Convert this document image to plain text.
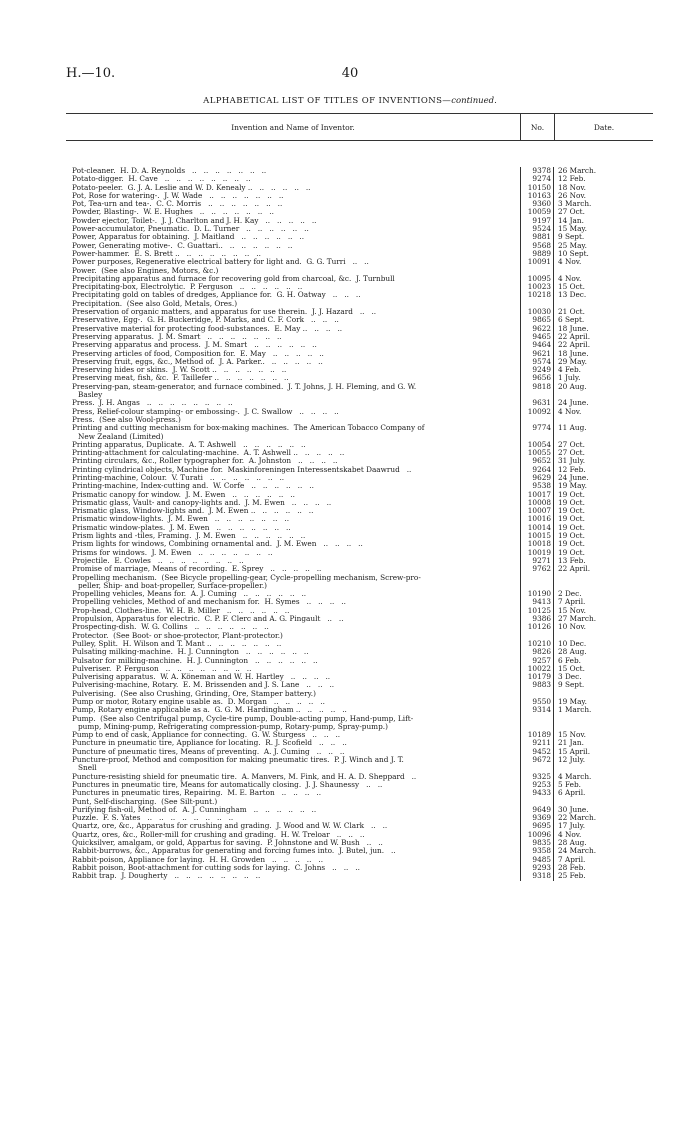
H.—10.	40
ALPHABETICAL LIST OF TITLES OF INVENTIONS—continued.
Invention and Name of Inventor.	No.	Date.
Pot-cleaner.  H. D. A. Reynolds   ..   ..   ..   ..   ..   ..   ..	9378 26 March.
Potato-digger.  H. Cave   ..   ..   ..   ..   ..   ..   ..   ..	9274 12 Feb.
Potato-peeler.  G. J. A. Leslie and W. D. Kenealy ..   ..   ..   ..   ..   ..	10150 18 Nov.
Pot, Rose for watering-.  J. W. Wade   ..   ..   ..   ..   ..   ..   ..	10163 26 Nov.
Pot, Tea-urn and tea-.  C. C. Morris   ..   ..   ..   ..   ..   ..   ..	9360 3 March.
Powder, Blasting-.  W. E. Hughes   ..   ..   ..   ..   ..   ..   ..	10059 27 Oct.
Powder ejector, Toilet-.  J. J. Charlton and J. H. Kay   ..   ..   ..   ..   ..	9197 14 Jan.
Power-accumulator, Pneumatic.  D. L. Turner   ..   ..   ..   ..   ..   ..	9524 15 May.
Power, Apparatus for obtaining.  J. Maitland   ..   ..   ..   ..   ..   ..	9881 9 Sept.
Power, Generating motive-.  C. Guattari..   ..   ..   ..   ..   ..   ..	9568 25 May.
Power-hammer.  E. S. Brett ..   ..   ..   ..   ..   ..   ..   ..	9889 10 Sept.
Power purposes, Regenerative electrical battery for light and.  G. G. Turri   ..   ..	10091 4 Nov.
Power.  (See also Engines, Motors, &c.)
Precipitating apparatus and furnace for recovering gold from charcoal, &c.  J. Turnbull	10095 4 Nov.
Precipitating-box, Electrolytic.  P. Ferguson   ..   ..   ..   ..   ..   ..	10023 15 Oct.
Precipitating gold on tables of dredges, Appliance for.  G. H. Oatway   ..   ..   ..	10218 13 Dec.
Precipitation.  (See also Gold, Metals, Ores.)
Preservation of organic matters, and apparatus for use therein.  J. J. Hazard   ..   ..	10030 21 Oct.
Preservative, Egg-.  G. H. Buckeridge, P. Marks, and C. F. Cork   ..   ..   ..	9865 6 Sept.
Preservative material for protecting food-substances.  E. May ..   ..   ..   ..	9622 18 June.
Preserving apparatus.  J. M. Smart   ..   ..   ..   ..   ..   ..   ..	9465 22 April.
Preserving apparatus and process.  J. M. Smart   ..   ..   ..   ..   ..   ..	9464 22 April.
Preserving articles of food, Composition for.  E. May   ..   ..   ..   ..   ..	9621 18 June.
Preserving fruit, eggs, &c., Method of.  J. A. Parker..   ..   ..   ..   ..   ..	9574 29 May.
Preserving hides or skins.  J. W. Scott ..   ..   ..   ..   ..   ..   ..	9249 4 Feb.
Preserving meat, fish, &c.  F. Taillefer ..   ..   ..   ..   ..   ..   ..	9656 1 July.
Preserving-pan, steam-generator, and furnace combined.  J. T. Johns, J. H. Fleming, and G. W.	9818 20 Aug.
Basley
Press.  J. H. Angas   ..   ..   ..   ..   ..   ..   ..   ..	9631 24 June.
Press, Relief-colour stamping- or embossing-.  J. C. Swallow   ..   ..   ..   ..	10092 4 Nov.
Press.  (See also Wool-press.)
Printing and cutting mechanism for box-making machines.  The American Tobacco Company of	9774 11 Aug.
New Zealand (Limited)
Printing apparatus, Duplicate.  A. T. Ashwell   ..   ..   ..   ..   ..   ..	10054 27 Oct.
Printing-attachment for calculating-machine.  A. T. Ashwell ..   ..   ..   ..   ..	10055 27 Oct.
Printing circulars, &c., Roller typographer for.  A. Johnston   ..   ..   ..   ..	9652 31 July.
Printing cylindrical objects, Machine for.  Maskinforeningen Interessentskabet Daawrud   ..	9264 12 Feb.
Printing-machine, Colour.  V. Turati   ..   ..   ..   ..   ..   ..   ..	9629 24 June.
Printing-machine, Index-cutting and.  W. Corfe   ..   ..   ..   ..   ..   ..	9538 19 May.
Prismatic canopy for window.  J. M. Ewen   ..   ..   ..   ..   ..   ..	10017 19 Oct.
Prismatic glass, Vault- and canopy-lights and.  J. M. Ewen   ..   ..   ..   ..	10008 19 Oct.
Prismatic glass, Window-lights and.  J. M. Ewen ..   ..   ..   ..   ..   ..	10007 19 Oct.
Prismatic window-lights.  J. M. Ewen   ..   ..   ..   ..   ..   ..   ..	10016 19 Oct.
Prismatic window-plates.  J. M. Ewen   ..   ..   ..   ..   ..   ..   ..	10014 19 Oct.
Prism lights and -tiles, Framing.  J. M. Ewen   ..   ..   ..   ..   ..   ..	10015 19 Oct.
Prism lights for windows, Combining ornamental and.  J. M. Ewen   ..   ..   ..   ..	10018 19 Oct.
Prisms for windows.  J. M. Ewen   ..   ..   ..   ..   ..   ..   ..	10019 19 Oct.
Projectile.  E. Cowles   ..   ..   ..   ..   ..   ..   ..   ..	9271 13 Feb.
Promise of marriage, Means of recording.  E. Sprey   ..   ..   ..   ..   ..	9762 22 April.
Propelling mechanism.  (See Bicycle propelling-gear, Cycle-propelling mechanism, Screw-pro-
peller, Ship- and boat-propeller, Surface-propeller.)
Propelling vehicles, Means for.  A. J. Cuming   ..   ..   ..   ..   ..   ..	10190 2 Dec.
Propelling vehicles, Method of and mechanism for.  H. Symes   ..   ..   ..   ..	9413 7 April.
Prop-head, Clothes-line.  W. H. B. Miller   ..   ..   ..   ..   ..   ..	10125 15 Nov.
Propulsion, Apparatus for electric.  C. P. F. Clerc and A. G. Pingault   ..   ..	9386 27 March.
Prospecting-dish.  W. G. Collins   ..   ..   ..   ..   ..   ..   ..	10126 10 Nov.
Protector.  (See Boot- or shoe-protector, Plant-protector.)
Pulley, Split.  H. Wilson and T. Mant ..   ..   ..   ..   ..   ..   ..	10210 10 Dec.
Pulsating milking-machine.  H. J. Cunnington   ..   ..   ..   ..   ..   ..	9826 28 Aug.
Pulsator for milking-machine.  H. J. Cunnington   ..   ..   ..   ..   ..   ..	9257 6 Feb.
Pulveriser.  P. Ferguson   ..   ..   ..   ..   ..   ..   ..   ..	10022 15 Oct.
Pulverising apparatus.  W. A. Köneman and W. H. Hartley   ..   ..   ..   ..	10179 3 Dec.
Pulverising-machine, Rotary.  E. M. Brissenden and J. S. Lane   ..   ..   ..	9883 9 Sept.
Pulverising.  (See also Crushing, Grinding, Ore, Stamper battery.)
Pump or motor, Rotary engine usable as.  D. Morgan   ..   ..   ..   ..   ..	9550 19 May.
Pump, Rotary engine applicable as a.  G. G. M. Hardingham ..   ..   ..   ..   ..	9314 1 March.
Pump.  (See also Centrifugal pump, Cycle-tire pump, Double-acting pump, Hand-pump, Lift-
pump, Mining-pump, Refrigerating compression-pump, Rotary-pump, Spray-pump.)
Pump to end of cask, Appliance for connecting.  G. W. Sturgess   ..   ..   ..	10189 15 Nov.
Puncture in pneumatic tire, Appliance for locating.  R. J. Scofield   ..   ..   ..	9211 21 Jan.
Puncture of pneumatic tires, Means of preventing.  A. J. Cuming   ..   ..   ..	9452 15 April.
Puncture-proof, Method and composition for making pneumatic tires.  P. J. Winch and J. T.	9672 12 July.
Snell
Puncture-resisting shield for pneumatic tire.  A. Manvers, M. Fink, and H. A. D. Sheppard   ..	9325 4 March.
Punctures in pneumatic tire, Means for automatically closing.  J. J. Shaunessy   ..   ..	9253 5 Feb.
Punctures in pneumatic tires, Repairing.  M. E. Barton   ..   ..   ..   ..	9433 6 April.
Punt, Self-discharging.  (See Silt-punt.)
Purifying fish-oil, Method of.  A. J. Cunningham   ..   ..   ..   ..   ..   ..	9649 30 June.
Puzzle.  F. S. Yates   ..   ..   ..   ..   ..   ..   ..   ..	9369 22 March.
Quartz, ore, &c., Apparatus for crushing and grading.  J. Wood and W. W. Clark   ..   ..	9695 17 July.
Quartz, ores, &c., Roller-mill for crushing and grading.  H. W. Treloar   ..   ..   ..	10096 4 Nov.
Quicksilver, amalgam, or gold, Appartus for saving.  P. Johnstone and W. Bush   ..   ..	9835 28 Aug.
Rabbit-burrows, &c., Apparatus for generating and forcing fumes into.  J. Butel, jun.   ..	9358 24 March.
Rabbit-poison, Appliance for laying.  H. H. Growden   ..   ..   ..   ..   ..	9485 7 April.
Rabbit poison, Boot-attachment for cutting sods for laying.  C. Johns   ..   ..   ..	9293 28 Feb.
Rabbit trap.  J. Dougherty   ..   ..   ..   ..   ..   ..   ..   ..	9318 25 Feb.
